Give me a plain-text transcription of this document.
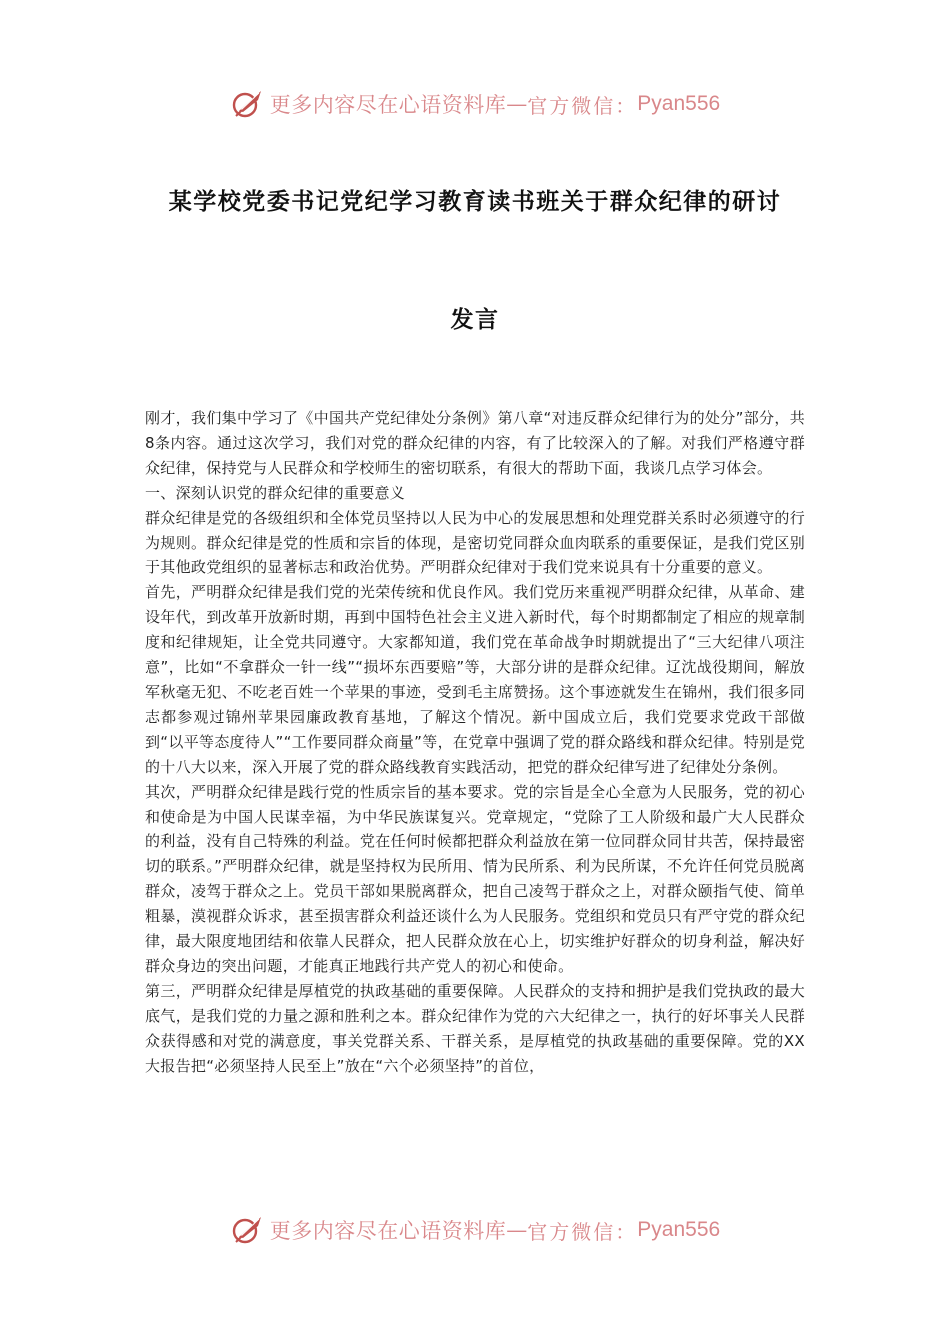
更多内容尽在心语资料库 — 官方微信： Pyan556
某学校党委书记党纪学习教育读书班关于群众纪律的研讨
发言

刚才，我们集中学习了《中国共产党纪律处分条例》第八章“对违反群众纪律行为的处分”部分，共8条内容。通过这次学习，我们对党的群众纪律的内容，有了比较深入的了解。对我们严格遵守群众纪律，保持党与人民群众和学校师生的密切联系，有很大的帮助下面，我谈几点学习体会。

一、深刻认识党的群众纪律的重要意义

群众纪律是党的各级组织和全体党员坚持以人民为中心的发展思想和处理党群关系时必须遵守的行为规则。群众纪律是党的性质和宗旨的体现，是密切党同群众血肉联系的重要保证，是我们党区别于其他政党组织的显著标志和政治优势。严明群众纪律对于我们党来说具有十分重要的意义。

首先，严明群众纪律是我们党的光荣传统和优良作风。我们党历来重视严明群众纪律，从革命、建设年代，到改革开放新时期，再到中国特色社会主义进入新时代，每个时期都制定了相应的规章制度和纪律规矩，让全党共同遵守。大家都知道，我们党在革命战争时期就提出了“三大纪律八项注意”，比如“不拿群众一针一线”“损坏东西要赔”等，大部分讲的是群众纪律。辽沈战役期间，解放军秋毫无犯、不吃老百姓一个苹果的事迹，受到毛主席赞扬。这个事迹就发生在锦州，我们很多同志都参观过锦州苹果园廉政教育基地，了解这个情况。新中国成立后，我们党要求党政干部做到“以平等态度待人”“工作要同群众商量”等，在党章中强调了党的群众路线和群众纪律。特别是党的十八大以来，深入开展了党的群众路线教育实践活动，把党的群众纪律写进了纪律处分条例。

其次，严明群众纪律是践行党的性质宗旨的基本要求。党的宗旨是全心全意为人民服务，党的初心和使命是为中国人民谋幸福，为中华民族谋复兴。党章规定，“党除了工人阶级和最广大人民群众的利益，没有自己特殊的利益。党在任何时候都把群众利益放在第一位同群众同甘共苦，保持最密切的联系。”严明群众纪律，就是坚持权为民所用、情为民所系、利为民所谋，不允许任何党员脱离群众，凌驾于群众之上。党员干部如果脱离群众，把自己凌驾于群众之上，对群众颐指气使、简单粗暴，漠视群众诉求，甚至损害群众利益还谈什么为人民服务。党组织和党员只有严守党的群众纪律，最大限度地团结和依靠人民群众，把人民群众放在心上，切实维护好群众的切身利益，解决好群众身边的突出问题，才能真正地践行共产党人的初心和使命。

第三，严明群众纪律是厚植党的执政基础的重要保障。人民群众的支持和拥护是我们党执政的最大底气，是我们党的力量之源和胜利之本。群众纪律作为党的六大纪律之一，执行的好坏事关人民群众获得感和对党的满意度，事关党群关系、干群关系，是厚植党的执政基础的重要保障。党的XX大报告把“必须坚持人民至上”放在“六个必须坚持”的首位，

更多内容尽在心语资料库 — 官方微信： Pyan556
